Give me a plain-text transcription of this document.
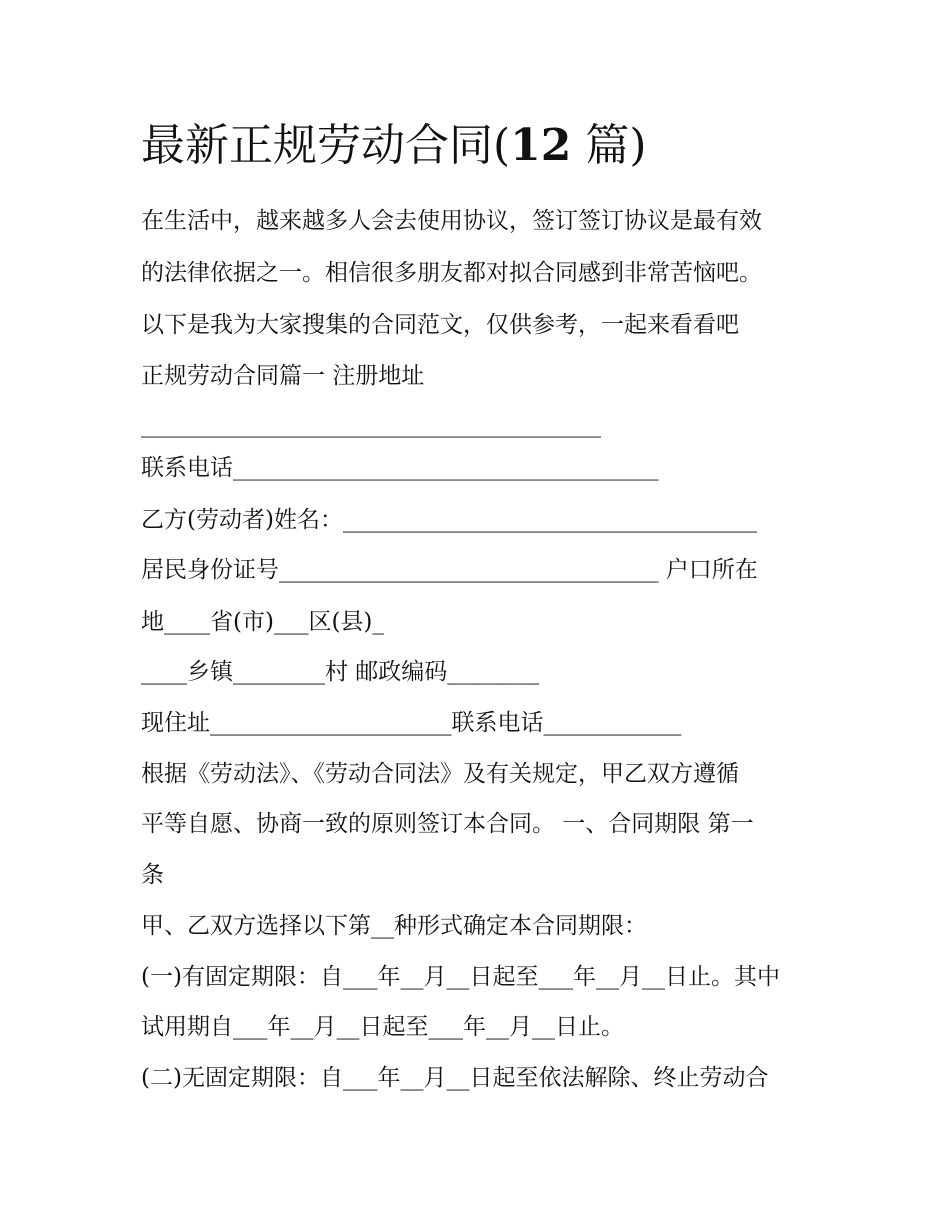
最新正规劳动合同(12 篇)

在生活中，越来越多人会去使用协议，签订签订协议是最有效

的法律依据之一。相信很多朋友都对拟合同感到非常苦恼吧。

以下是我为大家搜集的合同范文，仅供参考，一起来看看吧

正规劳动合同篇一 注册地址

________________________________________

联系电话_____________________________________

乙方(劳动者)姓名：____________________________________

居民身份证号_________________________________ 户口所在

地____省(市)___区(县)_

____乡镇________村 邮政编码________

现住址_____________________联系电话____________

根据《劳动法》、《劳动合同法》及有关规定，甲乙双方遵循

平等自愿、协商一致的原则签订本合同。 一、合同期限 第一

条

甲、乙双方选择以下第__种形式确定本合同期限：

(一)有固定期限：自___年__月__日起至___年__月__日止。其中

试用期自___年__月__日起至___年__月__日止。

(二)无固定期限：自___年__月__日起至依法解除、终止劳动合
